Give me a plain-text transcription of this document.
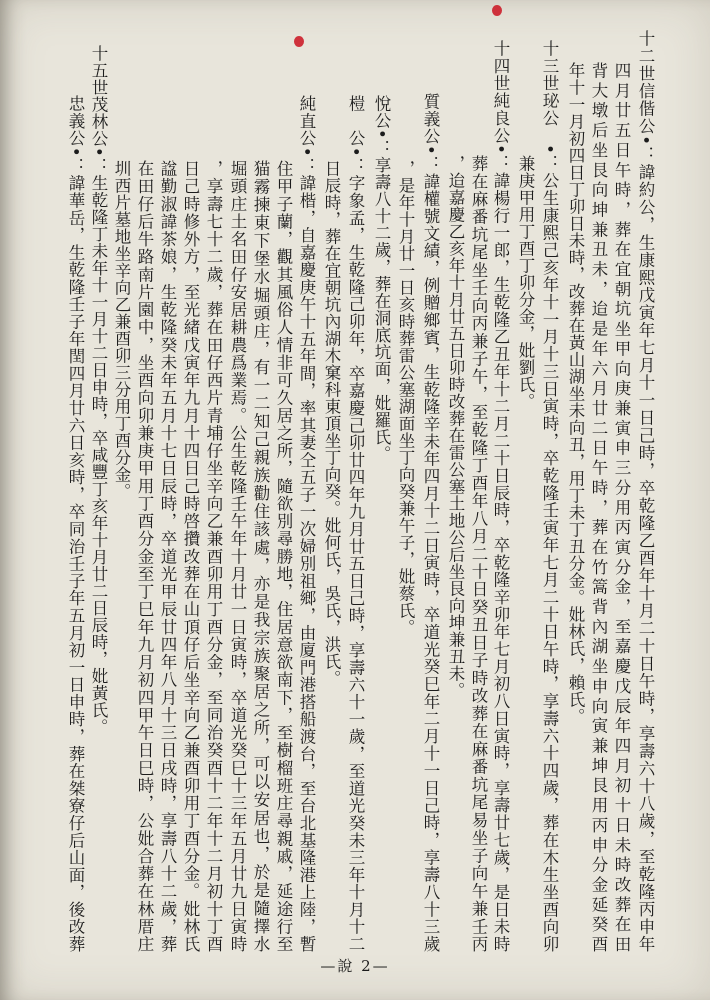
十二世信偕公•：諱約公，生康熙戊寅年七月十一日己時，卒乾隆乙酉年十月二十日午時，享壽六十八歲，至乾隆丙申年
四月廿五日午時，葬在宜朝坑坐甲向庚兼寅申三分用丙寅分金，至嘉慶戊辰年四月初十日未時改葬在田
背大墩后坐艮向坤兼丑未，迨是年六月廿二日午時，葬在竹篙背內湖坐申向寅兼坤艮用丙申分金延癸酉
年十一月初四日丁卯日未時，改葬在黃山湖坐未向丑，用丁未丁丑分金。妣林氏，賴氏。
十三世珌公　•：公生康熙己亥年十一月十三日寅時，卒乾隆壬寅年七月二十日午時，享壽六十四歲，葬在木生坐酉向卯
兼庚甲用丁酉丁卯分金，妣劉氏。
十四世純良公•：諱楊行一郎，生乾隆乙丑年十二月二十日辰時，卒乾隆辛卯年七月初八日寅時，享壽廿七歲，是日未時
葬在麻番坑尾坐壬向丙兼子午，至乾隆丁酉年八月二十日癸丑日子時改葬在麻番坑尾易坐子向午兼壬丙
，迨嘉慶乙亥年十月廿五日卯時改葬在雷公塞土地公后坐艮向坤兼丑未。
質義公•：諱權號文績，例贈鄉賓，生乾隆辛未年四月十二日寅時，卒道光癸巳年二月十一日己時，享壽八十三歲
，是年十月廿一日亥時葬雷公塞湖面坐丁向癸兼午子，妣蔡氏。
悅公•：享壽八十二歲，葬在洞底坑面，妣羅氏。
榿　公•：字象孟，生乾隆己卯年，卒嘉慶己卯廿四年九月廿五日己時，享壽六十一歲，至道光癸未三年十月十二
日辰時，葬在宜朝坑內湖木窠科東頂坐丁向癸。妣何氏，吳氏，洪氏。
純直公•：諱楷，自嘉慶庚午十五年間，率其妻仝五子一次婦別祖鄉，由廈門港搭船渡台，至台北基隆港上陸，暫
住甲子蘭，觀其風俗人情非可久居之所，隨欲別尋勝地，住居意欲南下，至樹榴班庄尋親戚，延途行至
猫霧揀東下堡水堀頭庄，有一二知己親族勸住該處，亦是我宗族聚居之所，可以安居也，於是隨擇水
堀頭庄土名田仔安居耕農爲業焉。公生乾隆壬午年十月廿一日寅時，卒道光癸巳十三年五月廿九日寅時
，享壽七十二歲，葬在田仔西片青埔仔坐辛向乙兼酉卯用丁酉分金，至同治癸酉十二年十二月初十丁酉
日己時修外方，至光緒戊寅年九月十四日己時啓攢改葬在山頂仔后坐辛向乙兼酉卯用丁酉分金。妣林氏
諡勤淑諱茶娘，生乾隆癸未年五月十七日辰時，卒道光甲辰廿四年八月十三日戌時，享壽八十二歲，葬
在田仔后牛路南片園中，坐酉向卯兼庚甲用丁酉分金至丁巳年九月初四甲午日巳時，公妣合葬在林厝庄
圳西片墓地坐辛向乙兼酉卯三分用丁酉分金。
十五世茂林公•：生乾隆丁未年十一月十二日申時，卒咸豐丁亥年十月廿二日辰時，妣黃氏。
忠義公•：諱華岳，生乾隆壬子年閏四月廿六日亥時，卒同治壬子年五月初一日申時，葬在桀寮仔后山面，後改葬
—說 2—
